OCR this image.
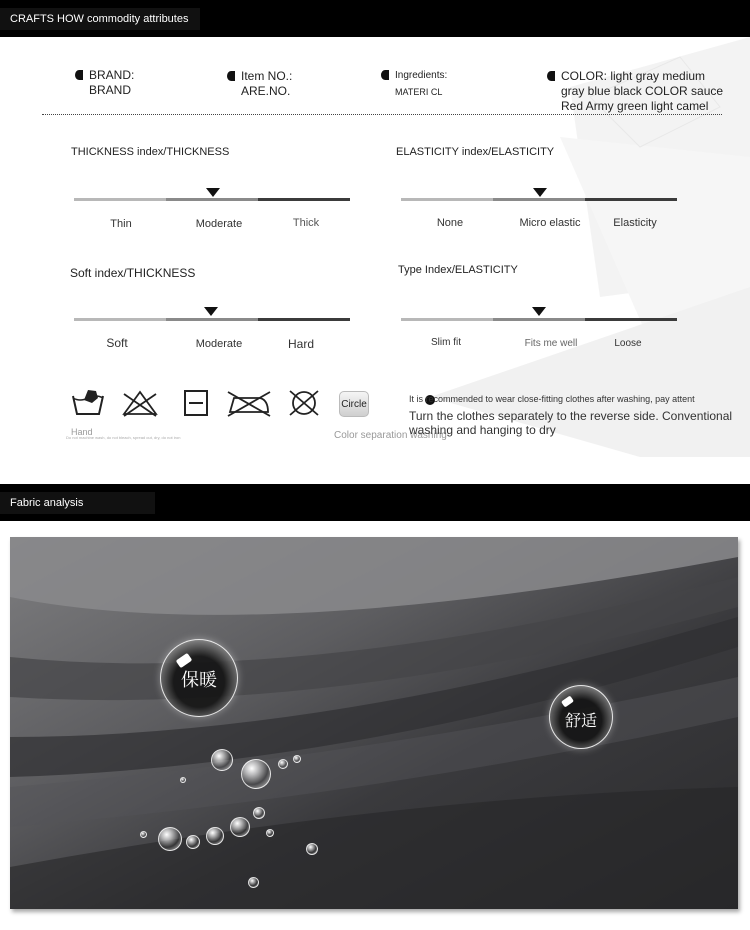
CRAFTS HOW commodity attributes
BRAND:
BRAND
Item NO.:
ARE.NO.
Ingredients:
MATERI CL
COLOR: light gray medium
gray blue black COLOR sauce
Red Army green light camel
THICKNESS index/THICKNESS
Thin	Moderate	Thick
ELASTICITY index/ELASTICITY
None	Micro elastic	Elasticity
Soft index/THICKNESS
Soft	Moderate	Hard
Type Index/ELASTICITY
Slim fit	Fits me well	Loose
Circle
Hand
Do not machine wash, do not bleach, spread out, dry, do not iron	Color separation washing
It is recommended to wear close-fitting clothes after washing, pay attent
Turn the clothes separately to the reverse side. Conventional
washing and hanging to dry
Fabric analysis
保暖
舒适
